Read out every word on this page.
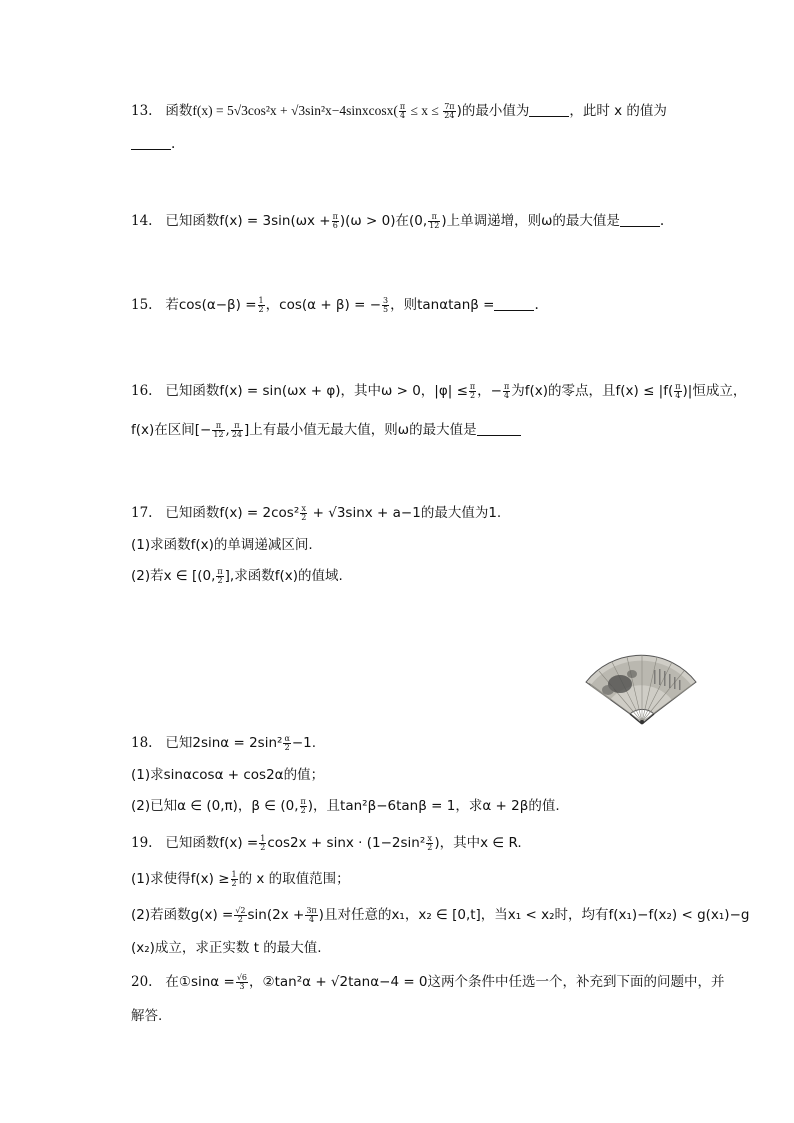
13. 函数f(x) = 5√3cos²x + √3sin²x−4sinxcosx( $\frac{\pi}{4} \le x \le \frac{7\pi}{24}$ )的最小值为	，此时 x 的值为
.
14. 已知函数$f(x) = 3\sin(\omega x + \frac{\pi}{6} )(\omega > 0)$在(0, $\frac{\pi}{12}$ )上单调递增，则ω的最大值是	.
15. 若$\cos(\alpha-\beta) = \frac{1}{2}$ ，cos(α + β) = − $\frac{3}{5}$ ，则tanαtanβ =	.
16. 已知函数f(x) = sin(ωx + φ)，其中ω > 0，$|\varphi| \le \frac{\pi}{2}$ ，− $\frac{\pi}{4}$ 为f(x)的零点，且$f(x) \le |f( \frac{\pi}{4}$ )|恒成立，
f(x)在区间[− $\frac{\pi}{12}$ , $\frac{\pi}{24}$ ]上有最小值无最大值，则ω的最大值是
17. 已知函数$f(x) = 2\cos^2 \frac{x}{2} + √3\sin x + a-1$的最大值为1.
(1)求函数f(x)的单调递减区间.
(2)若x ∈ [(0, $\frac{\pi}{2}$ ],求函数f(x)的值域.
18. 已知$2\sin\alpha = 2\sin^2 \frac{\alpha}{2} -1$.
(1)求sinαcosα + cos2α的值；
(2)已知α ∈ (0,π)，β ∈ (0, $\frac{\pi}{2}$ )，且tan²β−6tanβ = 1，求α + 2β的值.
19. 已知函数$f(x) = \frac{1}{2} \cos 2x + \sin x \cdot (1-2\sin^2 \frac{x}{2}$ )，其中x ∈ R.
(1)求使得$f(x) \ge \frac{1}{2}$ 的 x 的取值范围；
(2)若函数$g(x) = \frac{√2}{2} \sin(2x + \frac{3\pi}{4}$ )且对任意的x₁，x₂ ∈ [0,t]，当x₁ < x₂时，均有f(x₁)−f(x₂) < g(x₁)−g
(x₂)成立，求正实数 t 的最大值.
20. 在①sinα = $\frac{√6}{3}$ ，②tan²α + √2tanα−4 = 0这两个条件中任选一个，补充到下面的问题中，并
解答.
